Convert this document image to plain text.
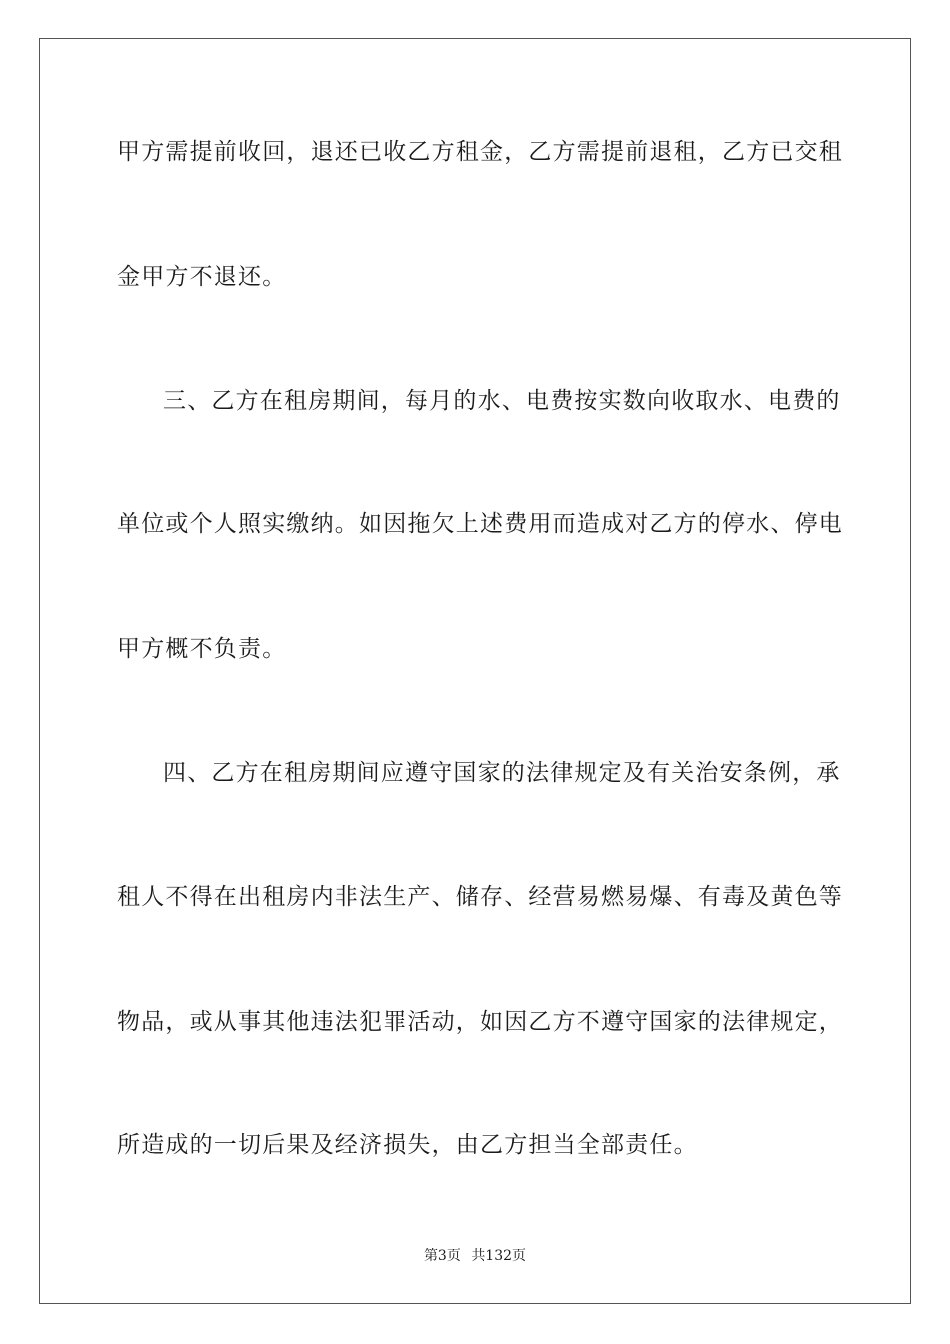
甲方需提前收回，退还已收乙方租金，乙方需提前退租，乙方已交租
金甲方不退还。
三、乙方在租房期间，每月的水、电费按实数向收取水、电费的
单位或个人照实缴纳。如因拖欠上述费用而造成对乙方的停水、停电
甲方概不负责。
四、乙方在租房期间应遵守国家的法律规定及有关治安条例，承
租人不得在出租房内非法生产、储存、经营易燃易爆、有毒及黄色等
物品，或从事其他违法犯罪活动，如因乙方不遵守国家的法律规定，
所造成的一切后果及经济损失，由乙方担当全部责任。
第3页 共132页
